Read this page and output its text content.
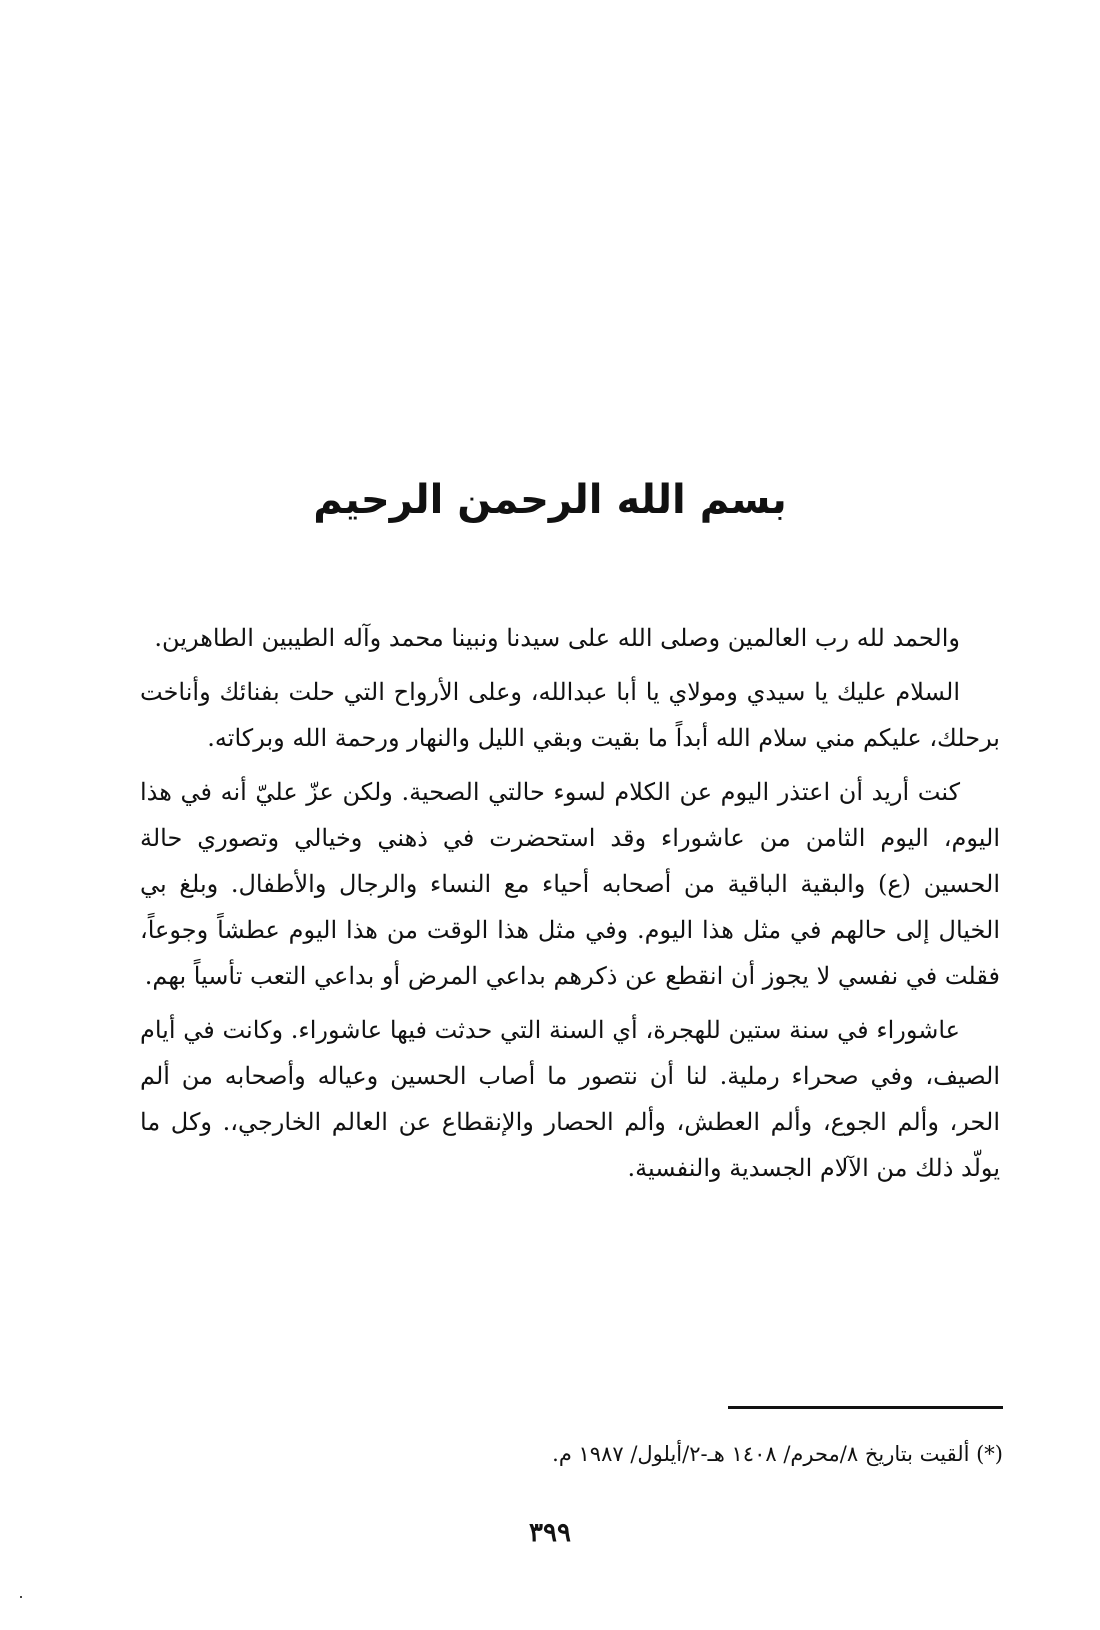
بسم الله الرحمن الرحيم

والحمد لله رب العالمين وصلى الله على سيدنا ونبينا محمد وآله الطيبين الطاهرين.

السلام عليك يا سيدي ومولاي يا أبا عبدالله، وعلى الأرواح التي حلت بفنائك وأناخت برحلك، عليكم مني سلام الله أبداً ما بقيت وبقي الليل والنهار ورحمة الله وبركاته.

كنت أريد أن اعتذر اليوم عن الكلام لسوء حالتي الصحية. ولكن عزّ عليّ أنه في هذا اليوم، اليوم الثامن من عاشوراء وقد استحضرت في ذهني وخيالي وتصوري حالة الحسين (ع) والبقية الباقية من أصحابه أحياء مع النساء والرجال والأطفال. وبلغ بي الخيال إلى حالهم في مثل هذا اليوم. وفي مثل هذا الوقت من هذا اليوم عطشاً وجوعاً، فقلت في نفسي لا يجوز أن انقطع عن ذكرهم بداعي المرض أو بداعي التعب تأسياً بهم.

عاشوراء في سنة ستين للهجرة، أي السنة التي حدثت فيها عاشوراء. وكانت في أيام الصيف، وفي صحراء رملية. لنا أن نتصور ما أصاب الحسين وعياله وأصحابه من ألم الحر، وألم الجوع، وألم العطش، وألم الحصار والإنقطاع عن العالم الخارجي،. وكل ما يولّد ذلك من الآلام الجسدية والنفسية.

(*) ألقيت بتاريخ ٨/محرم/ ١٤٠٨ هـ-٢/أيلول/ ١٩٨٧ م.
٣٩٩
